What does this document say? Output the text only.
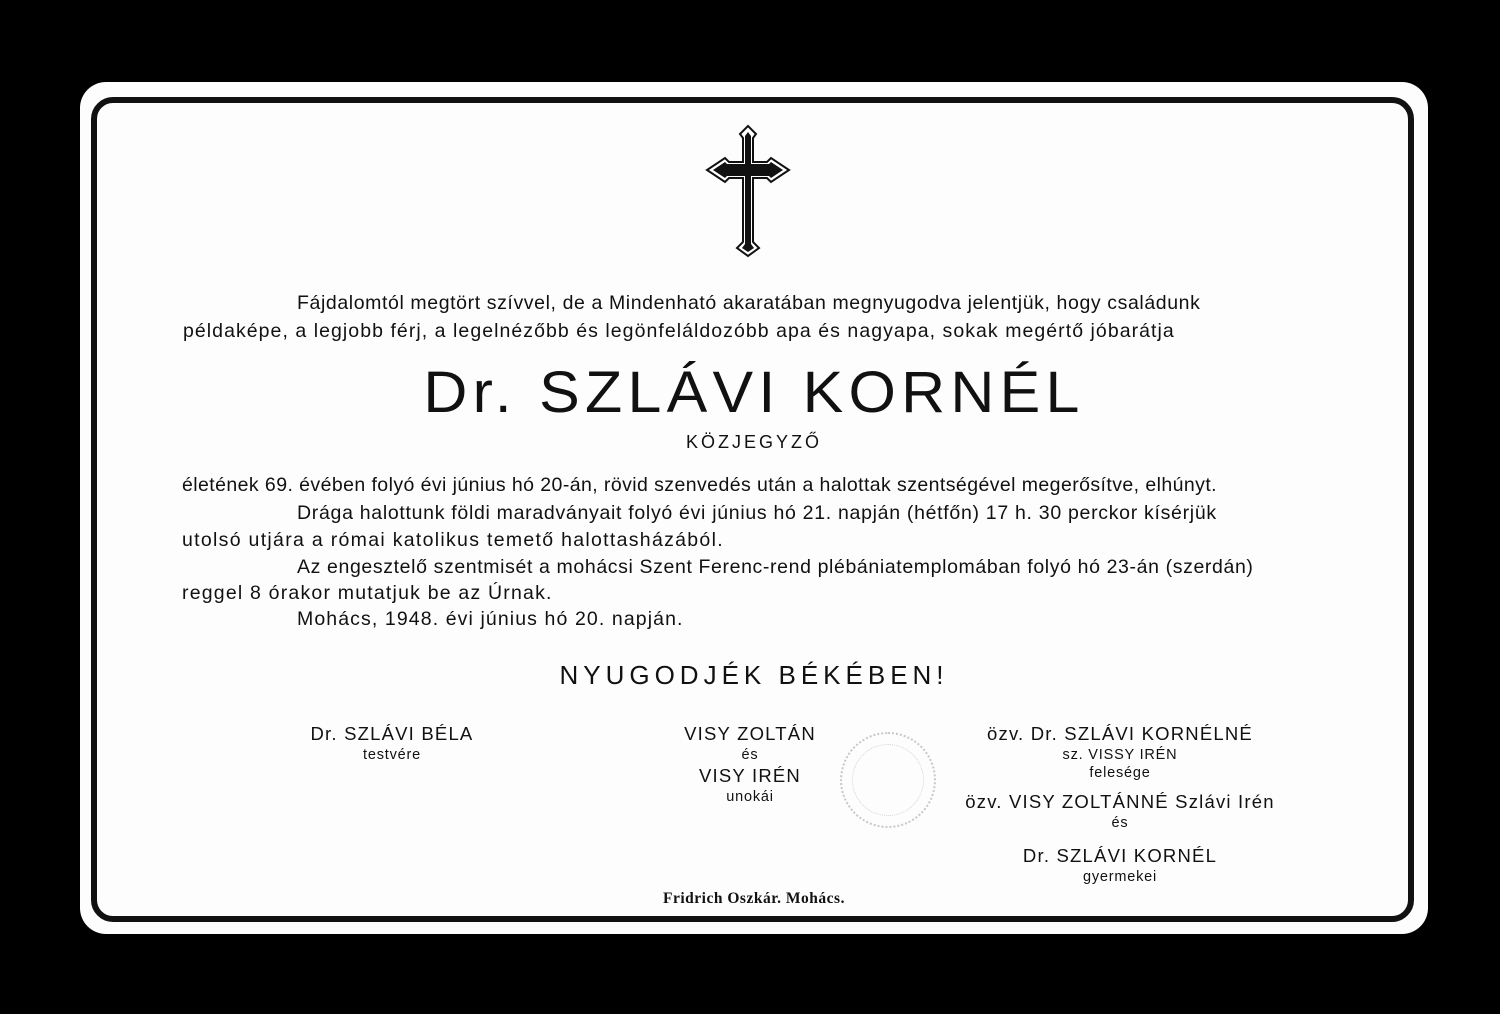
Fájdalomtól megtört szívvel, de a Mindenható akaratában megnyugodva jelentjük, hogy családunk
példaképe, a legjobb férj, a legelnézőbb és legönfeláldozóbb apa és nagyapa, sokak megértő jóbarátja
Dr. SZLÁVI KORNÉL
KÖZJEGYZŐ
életének 69. évében folyó évi június hó 20-án, rövid szenvedés után a halottak szentségével megerősítve, elhúnyt.
Drága halottunk földi maradványait folyó évi június hó 21. napján (hétfőn) 17 h. 30 perckor kísérjük
utolsó utjára a római katolikus temető halottasházából.
Az engesztelő szentmisét a mohácsi Szent Ferenc-rend plébániatemplomában folyó hó 23-án (szerdán)
reggel 8 órakor mutatjuk be az Úrnak.
Mohács, 1948. évi június hó 20. napján.
NYUGODJÉK BÉKÉBEN!
Dr. SZLÁVI BÉLA
testvére
VISY ZOLTÁN
és
VISY IRÉN
unokái
özv. Dr. SZLÁVI KORNÉLNÉ
sz. VISSY IRÉN
felesége
özv. VISY ZOLTÁNNÉ Szlávi Irén
és
Dr. SZLÁVI KORNÉL
gyermekei
Fridrich Oszkár. Mohács.
